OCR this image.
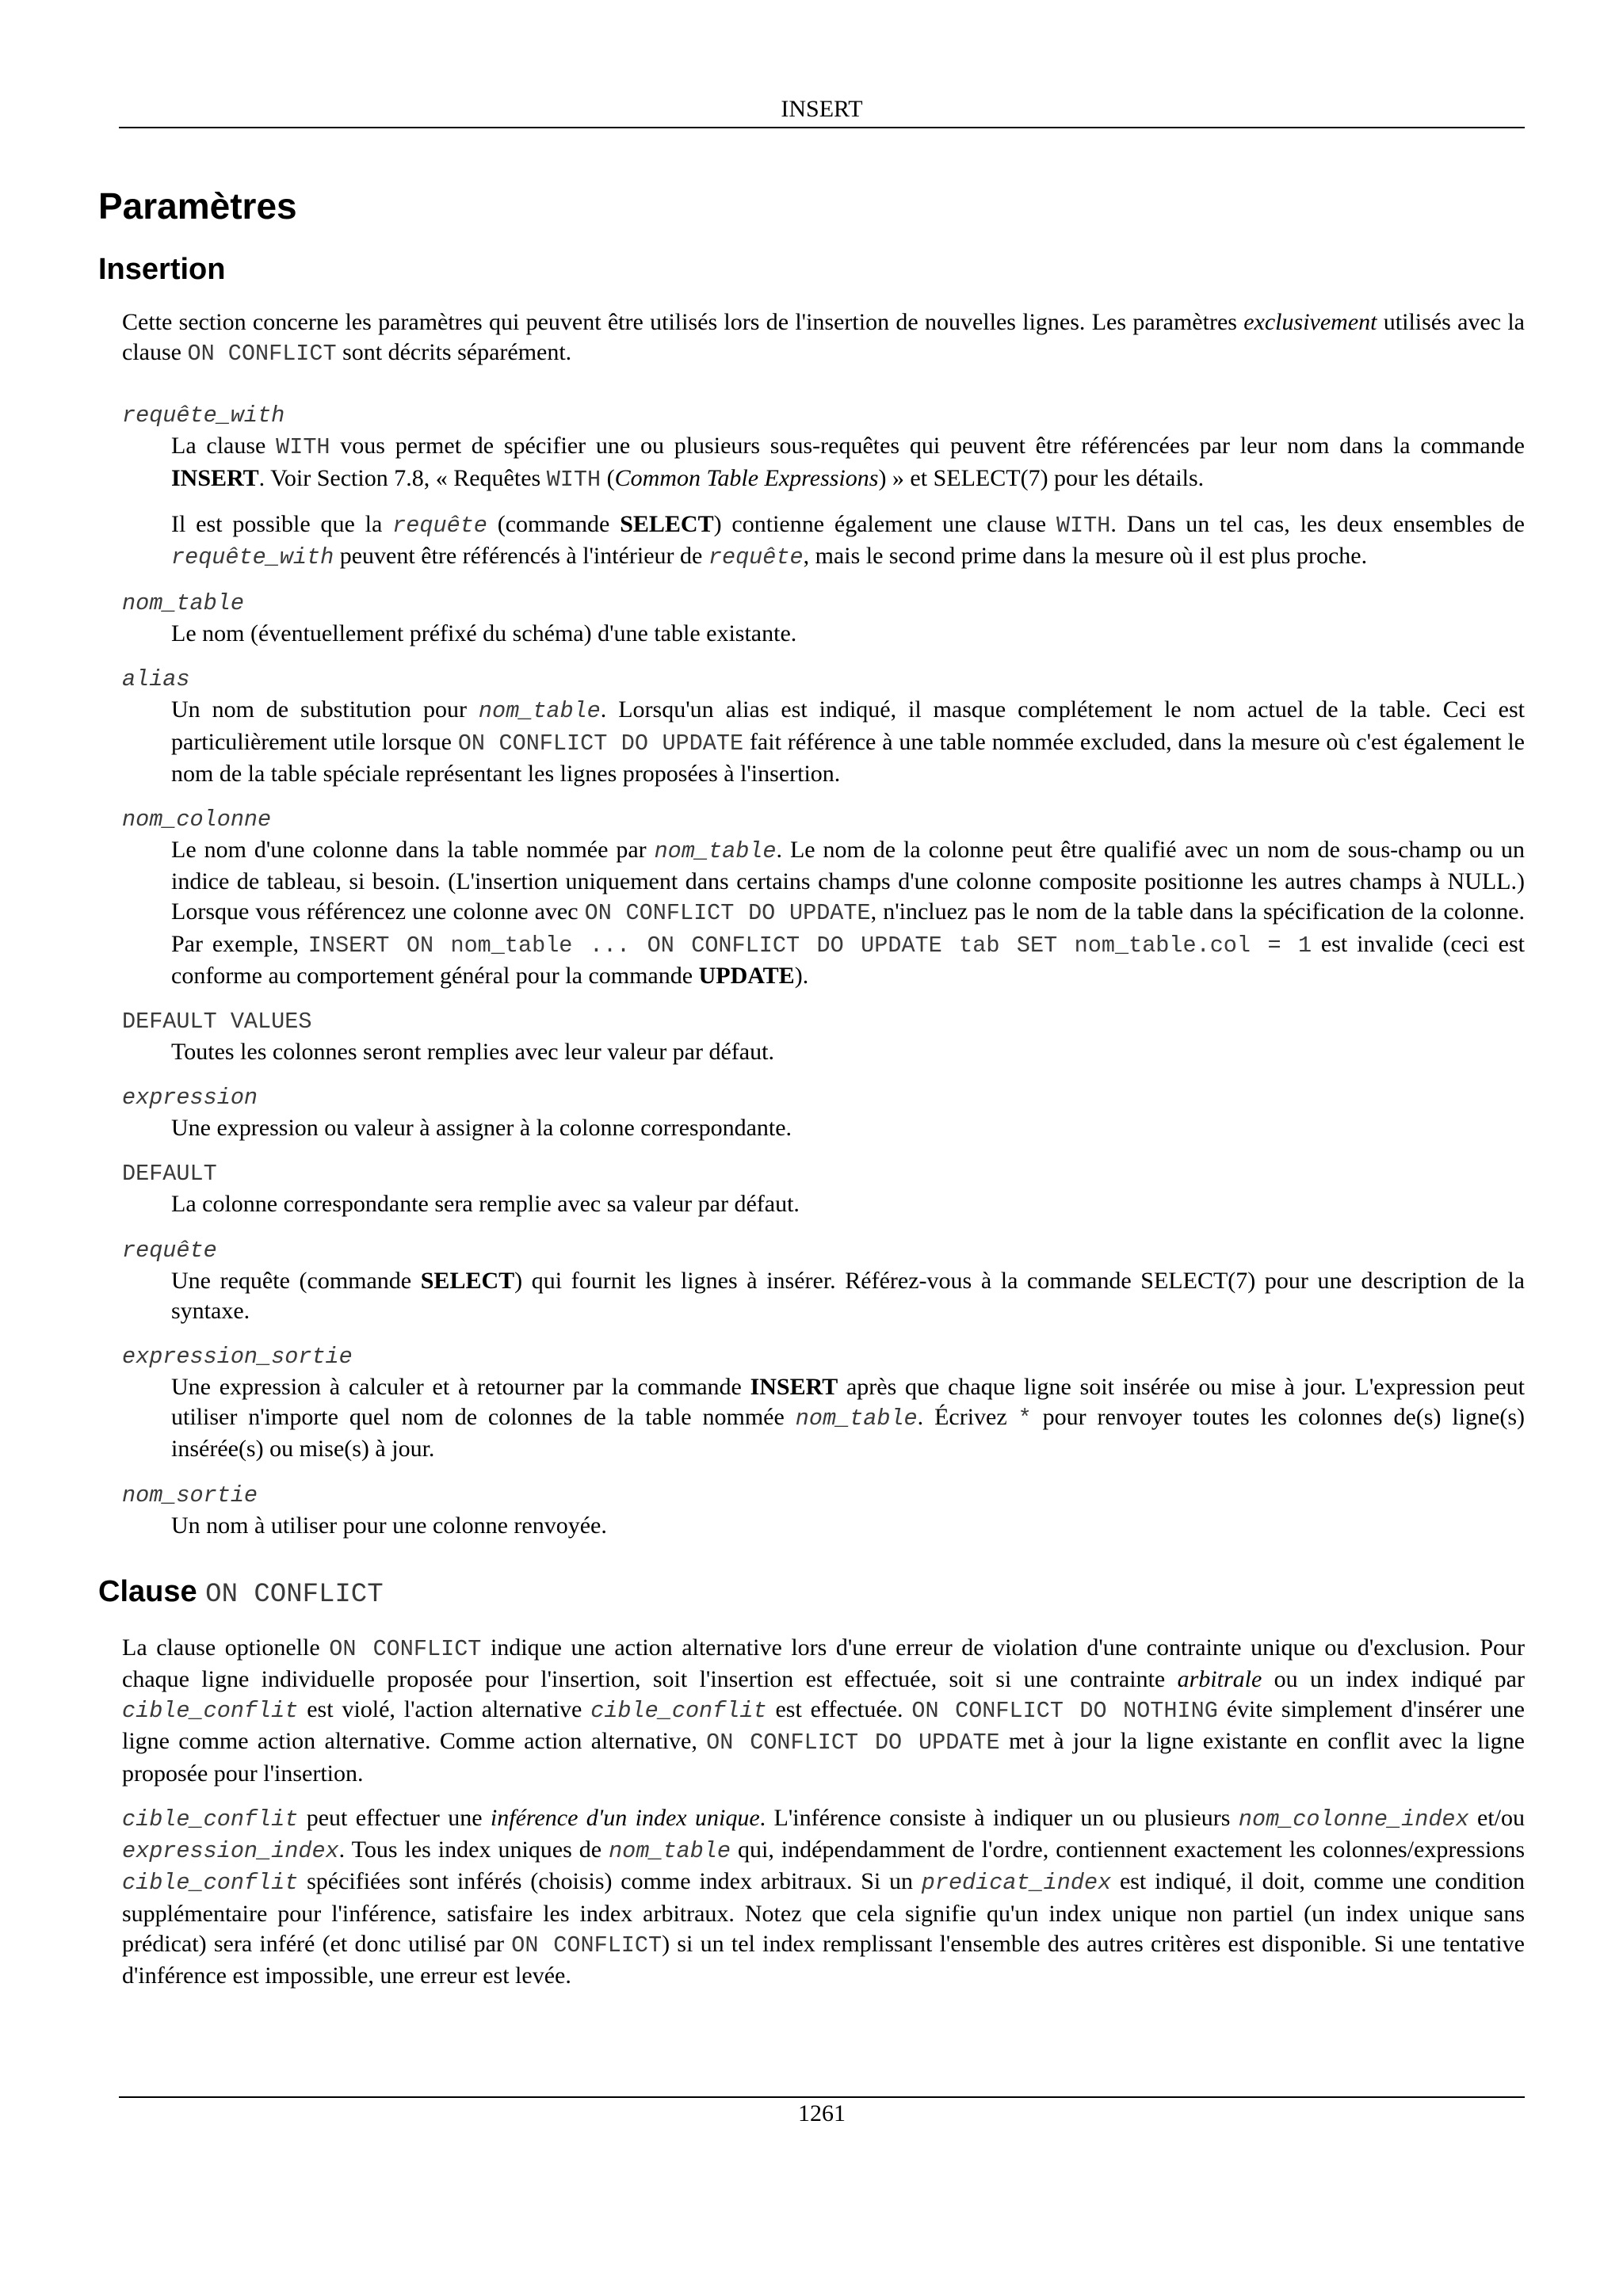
INSERT
Paramètres
Insertion

Cette section concerne les paramètres qui peuvent être utilisés lors de l'insertion de nouvelles lignes. Les paramètres exclusivement utilisés avec la clause ON CONFLICT sont décrits séparément.

requête_with

La clause WITH vous permet de spécifier une ou plusieurs sous-requêtes qui peuvent être référencées par leur nom dans la commande INSERT. Voir Section 7.8, « Requêtes WITH (Common Table Expressions) » et SELECT(7) pour les détails.

Il est possible que la requête (commande SELECT) contienne également une clause WITH. Dans un tel cas, les deux ensembles de requête_with peuvent être référencés à l'intérieur de requête, mais le second prime dans la mesure où il est plus proche.

nom_table

Le nom (éventuellement préfixé du schéma) d'une table existante.

alias

Un nom de substitution pour nom_table. Lorsqu'un alias est indiqué, il masque complétement le nom actuel de la table. Ceci est particulièrement utile lorsque ON CONFLICT DO UPDATE fait référence à une table nommée excluded, dans la mesure où c'est également le nom de la table spéciale représentant les lignes proposées à l'insertion.

nom_colonne

Le nom d'une colonne dans la table nommée par nom_table. Le nom de la colonne peut être qualifié avec un nom de sous-champ ou un indice de tableau, si besoin. (L'insertion uniquement dans certains champs d'une colonne composite positionne les autres champs à NULL.) Lorsque vous référencez une colonne avec ON CONFLICT DO UPDATE, n'incluez pas le nom de la table dans la spécification de la colonne. Par exemple, INSERT ON nom_table ... ON CONFLICT DO UPDATE tab SET nom_table.col = 1 est invalide (ceci est conforme au comportement général pour la commande UPDATE).

DEFAULT VALUES

Toutes les colonnes seront remplies avec leur valeur par défaut.

expression

Une expression ou valeur à assigner à la colonne correspondante.

DEFAULT

La colonne correspondante sera remplie avec sa valeur par défaut.

requête

Une requête (commande SELECT) qui fournit les lignes à insérer. Référez-vous à la commande SELECT(7) pour une description de la syntaxe.

expression_sortie

Une expression à calculer et à retourner par la commande INSERT après que chaque ligne soit insérée ou mise à jour. L'expression peut utiliser n'importe quel nom de colonnes de la table nommée nom_table. Écrivez * pour renvoyer toutes les colonnes de(s) ligne(s) insérée(s) ou mise(s) à jour.

nom_sortie

Un nom à utiliser pour une colonne renvoyée.

Clause ON CONFLICT

La clause optionelle ON CONFLICT indique une action alternative lors d'une erreur de violation d'une contrainte unique ou d'exclusion. Pour chaque ligne individuelle proposée pour l'insertion, soit l'insertion est effectuée, soit si une contrainte arbitrale ou un index indiqué par cible_conflit est violé, l'action alternative cible_conflit est effectuée. ON CONFLICT DO NOTHING évite simplement d'insérer une ligne comme action alternative. Comme action alternative, ON CONFLICT DO UPDATE met à jour la ligne existante en conflit avec la ligne proposée pour l'insertion.

cible_conflit peut effectuer une inférence d'un index unique. L'inférence consiste à indiquer un ou plusieurs nom_colonne_index et/ou expression_index. Tous les index uniques de nom_table qui, indépendamment de l'ordre, contiennent exactement les colonnes/expressions cible_conflit spécifiées sont inférés (choisis) comme index arbitraux. Si un predicat_index est indiqué, il doit, comme une condition supplémentaire pour l'inférence, satisfaire les index arbitraux. Notez que cela signifie qu'un index unique non partiel (un index unique sans prédicat) sera inféré (et donc utilisé par ON CONFLICT) si un tel index remplissant l'ensemble des autres critères est disponible. Si une tentative d'inférence est impossible, une erreur est levée.

1261
